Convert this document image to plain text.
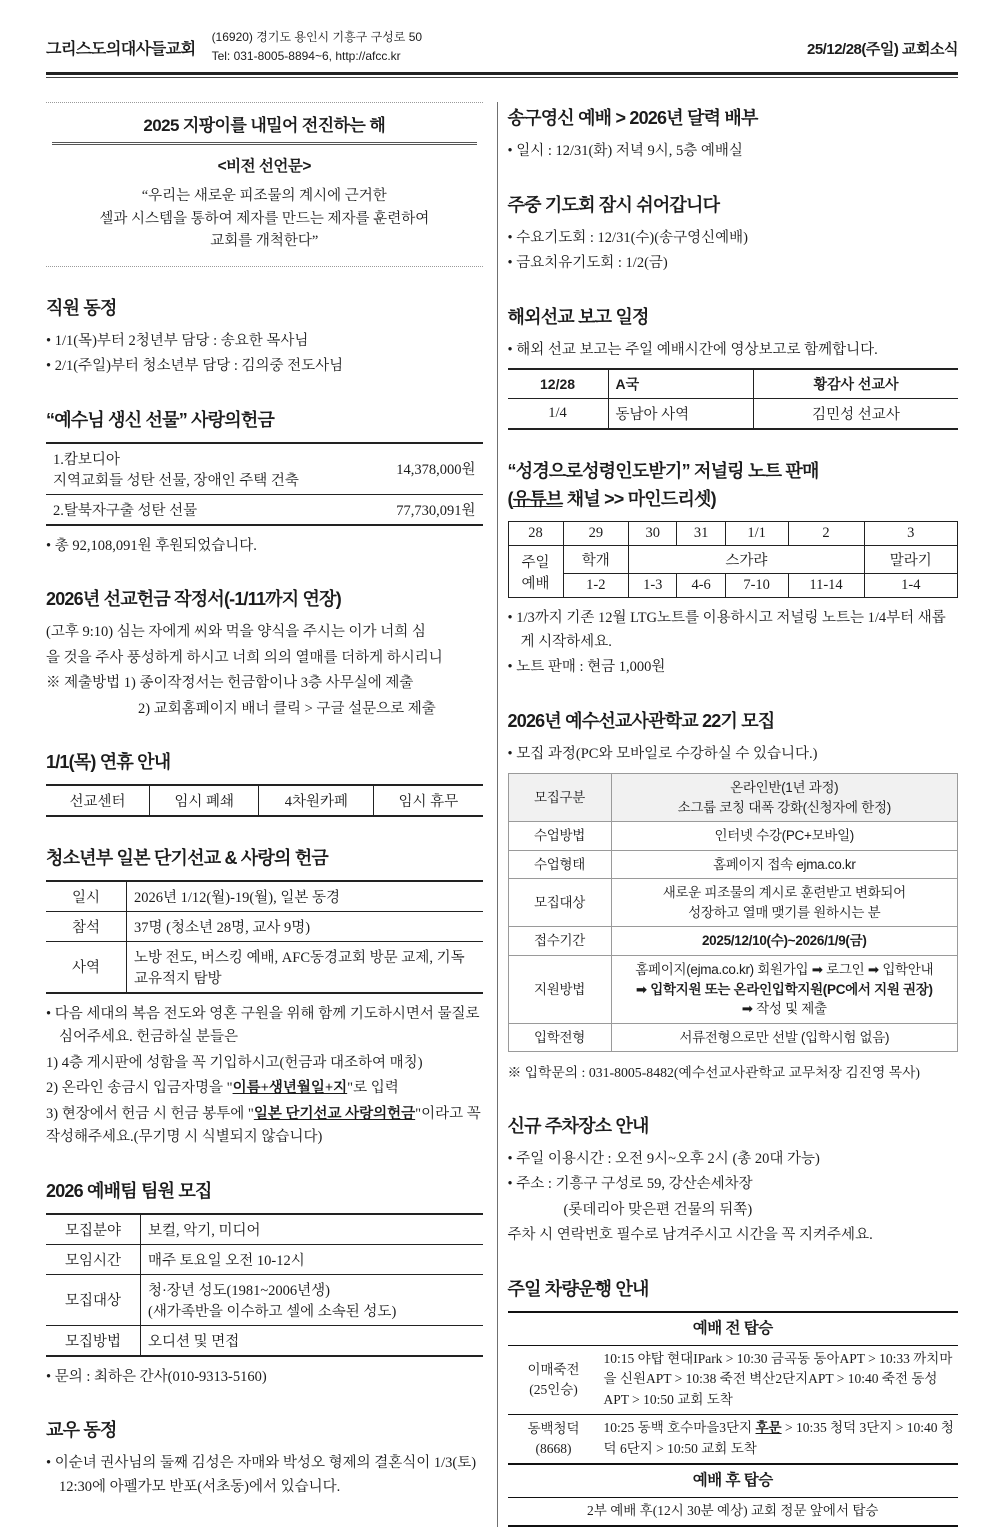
그리스도의대사들교회
(16920) 경기도 용인시 기흥구 구성로 50
Tel: 031-8005-8894~6, http://afcc.kr	25/12/28(주일) 교회소식
2025 지팡이를 내밀어 전진하는 해
<비전 선언문>
“우리는 새로운 피조물의 계시에 근거한
셀과 시스템을 통하여 제자를 만드는 제자를 훈련하여
교회를 개척한다”
직원 동정
• 1/1(목)부터 2청년부 담당 : 송요한 목사님
• 2/1(주일)부터 청소년부 담당 : 김의중 전도사님
“예수님 생신 선물” 사랑의헌금
1.캄보디아
지역교회들 성탄 선물, 장애인 주택 건축	14,378,000원
2.탈북자구출 성탄 선물	77,730,091원
• 총 92,108,091원 후원되었습니다.
2026년 선교헌금 작정서(-1/11까지 연장)
(고후 9:10) 심는 자에게 씨와 먹을 양식을 주시는 이가 너희 심
을 것을 주사 풍성하게 하시고 너희 의의 열매를 더하게 하시리니
※ 제출방법 1) 종이작정서는 헌금함이나 3층 사무실에 제출
2) 교회홈페이지 배너 클릭 > 구글 설문으로 제출
1/1(목) 연휴 안내
선교센터	임시 폐쇄	4차원카페	임시 휴무
청소년부 일본 단기선교 & 사랑의 헌금
일시	2026년 1/12(월)-19(월), 일본 동경
참석	37명 (청소년 28명, 교사 9명)
사역	노방 전도, 버스킹 예배, AFC동경교회 방문 교제, 기독교유적지 탐방
• 다음 세대의 복음 전도와 영혼 구원을 위해 함께 기도하시면서 물질로 심어주세요. 헌금하실 분들은
1) 4층 게시판에 성함을 꼭 기입하시고(헌금과 대조하여 매칭)
2) 온라인 송금시 입금자명을 "이름+생년월일+지"로 입력
3) 현장에서 헌금 시 헌금 봉투에 "일본 단기선교 사랑의헌금"이라고 꼭 작성해주세요.(무기명 시 식별되지 않습니다)
2026 예배팀 팀원 모집
모집분야	보컬, 악기, 미디어
모임시간	매주 토요일 오전 10-12시
모집대상	청·장년 성도(1981~2006년생)
(새가족반을 이수하고 셀에 소속된 성도)

모집방법	오디션 및 면접
• 문의 : 최하은 간사(010-9313-5160)
교우 동정
• 이순녀 권사님의 둘째 김성은 자매와 박성오 형제의 결혼식이 1/3(토) 12:30에 아펠가모 반포(서초동)에서 있습니다.
송구영신 예배 > 2026년 달력 배부
• 일시 : 12/31(화) 저녁 9시, 5층 예배실
주중 기도회 잠시 쉬어갑니다
• 수요기도회 : 12/31(수)(송구영신예배)
• 금요치유기도회 : 1/2(금)
해외선교 보고 일정
• 해외 선교 보고는 주일 예배시간에 영상보고로 함께합니다.
12/28	A국	황감사 선교사
1/4	동남아 사역	김민성 선교사
“성경으로성령인도받기” 저널링 노트 판매
(유튜브 채널 >> 마인드리셋)
28	29	30	31	1/1	2	3

주일
예배	학개	스가랴				말라기
	1-2	1-3	4-6	7-10	11-14	1-4
• 1/3까지 기존 12월 LTG노트를 이용하시고 저널링 노트는 1/4부터 새롭게 시작하세요.
• 노트 판매 : 현금 1,000원
2026년 예수선교사관학교 22기 모집
• 모집 과정(PC와 모바일로 수강하실 수 있습니다.)
모집구분	온라인반(1년 과정)
소그룹 코칭 대폭 강화(신청자에 한정)

수업방법	인터넷 수강(PC+모바일)
수업형태	홈페이지 접속 ejma.co.kr
모집대상	새로운 피조물의 계시로 훈련받고 변화되어
성장하고 열매 맺기를 원하시는 분

접수기간	2025/12/10(수)~2026/1/9(금)
지원방법	홈페이지(ejma.co.kr) 회원가입 ➡ 로그인 ➡ 입학안내
➡ 입학지원 또는 온라인입학지원(PC에서 지원 권장)
➡ 작성 및 제출

입학전형	서류전형으로만 선발 (입학시험 없음)
※ 입학문의 : 031-8005-8482(예수선교사관학교 교무처장 김진영 목사)
신규 주차장소 안내
• 주일 이용시간 : 오전 9시~오후 2시 (총 20대 가능)
• 주소 : 기흥구 구성로 59, 강산손세차장
(롯데리아 맞은편 건물의 뒤쪽)
주차 시 연락번호 필수로 남겨주시고 시간을 꼭 지켜주세요.
주일 차량운행 안내
예배 전 탑승	

이매죽전
(25인승)	10:15 야탑 현대IPark > 10:30 금곡동 동아APT > 10:33 까치마을 신원APT > 10:38 죽전 벽산2단지APT > 10:40 죽전 동성APT > 10:50 교회 도착

동백청덕
(8668)	10:25 동백 호수마을3단지 후문 > 10:35 청덕 3단지 > 10:40 청덕 6단지 > 10:50 교회 도착
예배 후 탑승	
2부 예배 후(12시 30분 예상) 교회 정문 앞에서 탑승	
